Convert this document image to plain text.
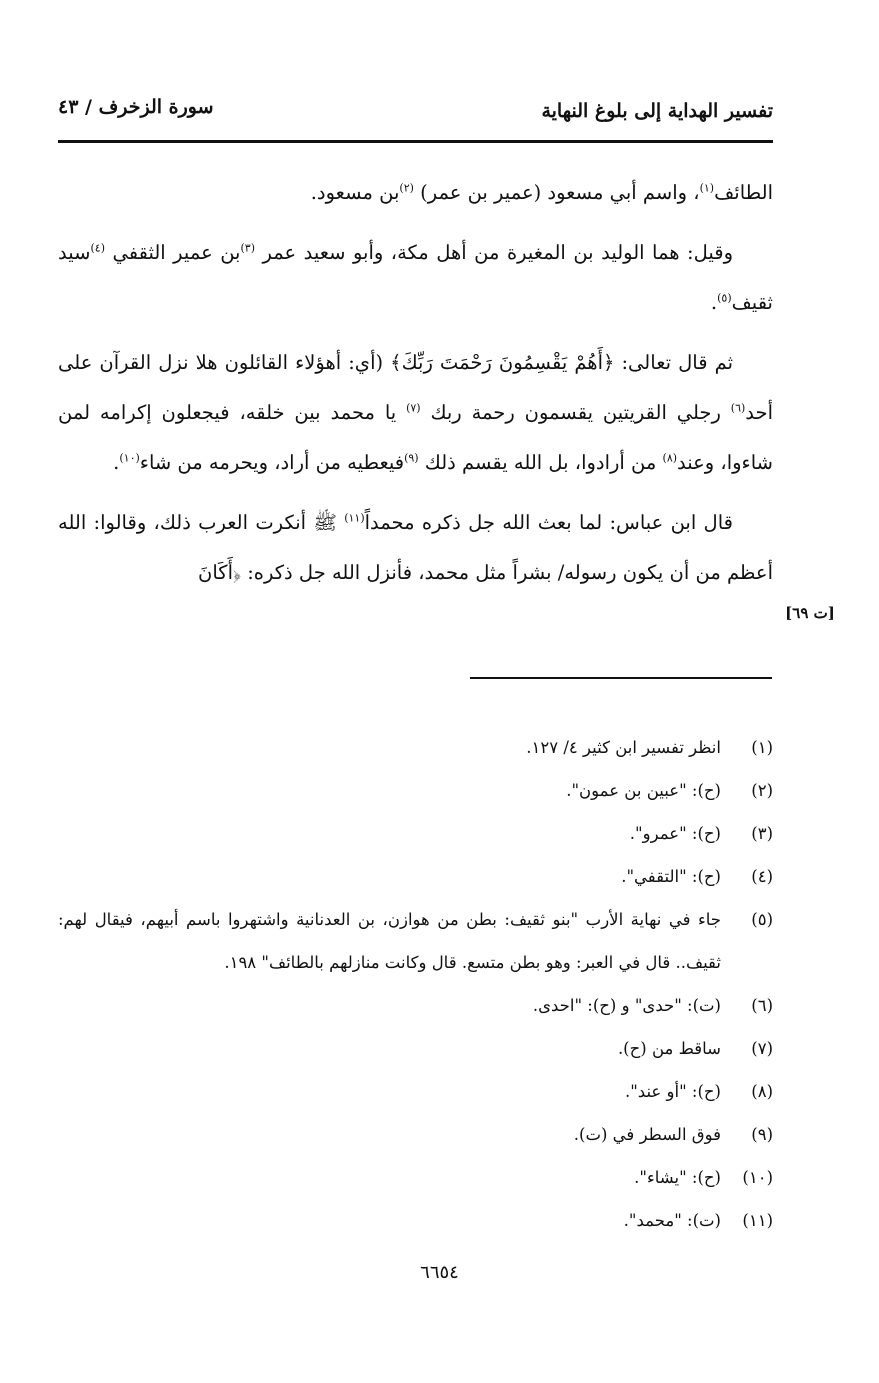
تفسير الهداية إلى بلوغ النهاية
سورة الزخرف / ٤٣

الطائف$^{(١)}$، واسم أبي مسعود (عمير بن عمر) $^{(٢)}$بن مسعود.

وقيل: هما الوليد بن المغيرة من أهل مكة، وأبو سعيد عمر $^{(٣)}$بن عمير الثقفي $^{(٤)}$سيد ثقيف$^{(٥)}$.

ثم قال تعالى: ﴿أَهُمْ يَقْسِمُونَ رَحْمَتَ رَبِّكَ﴾ (أي: أهؤلاء القائلون هلا نزل القرآن على أحد$^{(٦)}$ رجلي القريتين يقسمون رحمة ربك $^{(٧)}$ يا محمد بين خلقه، فيجعلون إكرامه لمن شاءوا، وعند$^{(٨)}$ من أرادوا، بل الله يقسم ذلك $^{(٩)}$فيعطيه من أراد، ويحرمه من شاء$^{(١٠)}$.

قال ابن عباس: لما بعث الله جل ذكره محمداً$^{(١١)}$ ﷺ أنكرت العرب ذلك، وقالوا: الله أعظم من أن يكون رسوله/ بشراً مثل محمد، فأنزل الله جل ذكره: ﴿أَكَانَ

[ت ٦٩]
(١)
انظر تفسير ابن كثير ٤/ ١٢٧.
(٢)
(ح): "عبين بن عمون".
(٣)
(ح): "عمرو".
(٤)
(ح): "التقفي".
(٥)
جاء في نهاية الأرب "بنو ثقيف: بطن من هوازن، بن العدنانية واشتهروا باسم أبيهم، فيقال لهم: ثقيف.. قال في العبر: وهو بطن متسع. قال وكانت منازلهم بالطائف" ١٩٨.
(٦)
(ت): "حدى" و (ح): "احدى.
(٧)
ساقط من (ح).
(٨)
(ح): "أو عند".
(٩)
فوق السطر في (ت).
(١٠)
(ح): "يشاء".
(١١)
(ت): "محمد".
٦٦٥٤
